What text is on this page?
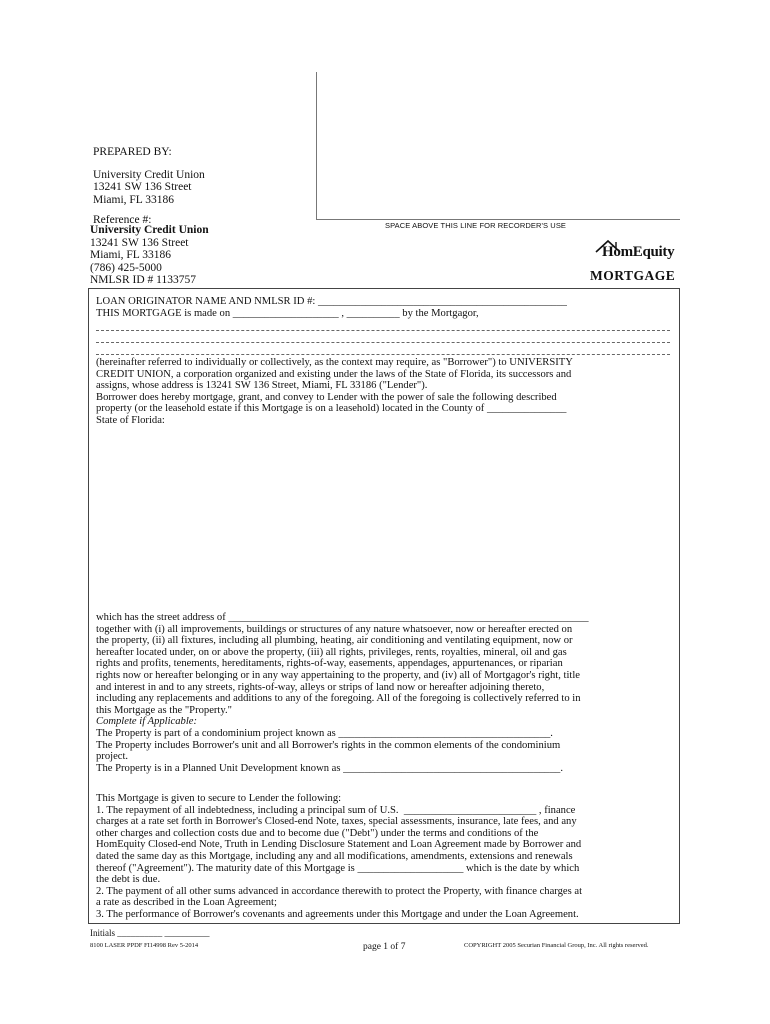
PREPARED BY:
University Credit Union
13241 SW 136 Street
Miami, FL 33186
Reference #:	SPACE ABOVE THIS LINE FOR RECORDER'S USE
University Credit Union
13241 SW 136 Street
Miami, FL 33186
(786) 425-5000
NMLSR ID # 1133757
HomEquity
MORTGAGE
LOAN ORIGINATOR NAME AND NMLSR ID #: _______________________________________________
THIS MORTGAGE is made on ____________________ , __________ by the Mortgagor,
(hereinafter referred to individually or collectively, as the context may require, as "Borrower") to UNIVERSITY
CREDIT UNION, a corporation organized and existing under the laws of the State of Florida, its successors and
assigns, whose address is 13241 SW 136 Street, Miami, FL 33186 ("Lender").
Borrower does hereby mortgage, grant, and convey to Lender with the power of sale the following described
property (or the leasehold estate if this Mortgage is on a leasehold) located in the County of _______________
State of Florida:
which has the street address of ____________________________________________________________________
together with (i) all improvements, buildings or structures of any nature whatsoever, now or hereafter erected on
the property, (ii) all fixtures, including all plumbing, heating, air conditioning and ventilating equipment, now or
hereafter located under, on or above the property, (iii) all rights, privileges, rents, royalties, mineral, oil and gas
rights and profits, tenements, hereditaments, rights-of-way, easements, appendages, appurtenances, or riparian
rights now or hereafter belonging or in any way appertaining to the property, and (iv) all of Mortgagor's right, title
and interest in and to any streets, rights-of-way, alleys or strips of land now or hereafter adjoining thereto,
including any replacements and additions to any of the foregoing. All of the foregoing is collectively referred to in
this Mortgage as the "Property."
Complete if Applicable:
The Property is part of a condominium project known as ________________________________________.
The Property includes Borrower's unit and all Borrower's rights in the common elements of the condominium
project.
The Property is in a Planned Unit Development known as _________________________________________.
This Mortgage is given to secure to Lender the following:
1. The repayment of all indebtedness, including a principal sum of U.S.  _________________________ , finance
charges at a rate set forth in Borrower's Closed-end Note, taxes, special assessments, insurance, late fees, and any
other charges and collection costs due and to become due ("Debt") under the terms and conditions of the
HomEquity Closed-end Note, Truth in Lending Disclosure Statement and Loan Agreement made by Borrower and
dated the same day as this Mortgage, including any and all modifications, amendments, extensions and renewals
thereof ("Agreement"). The maturity date of this Mortgage is ____________________ which is the date by which
the debt is due.
2. The payment of all other sums advanced in accordance therewith to protect the Property, with finance charges at
a rate as described in the Loan Agreement;
3. The performance of Borrower's covenants and agreements under this Mortgage and under the Loan Agreement.
Initials __________ __________
8100 LASER PPDF FI14998 Rev 5-2014	page 1 of 7	COPYRIGHT 2005 Securian Financial Group, Inc. All rights reserved.
